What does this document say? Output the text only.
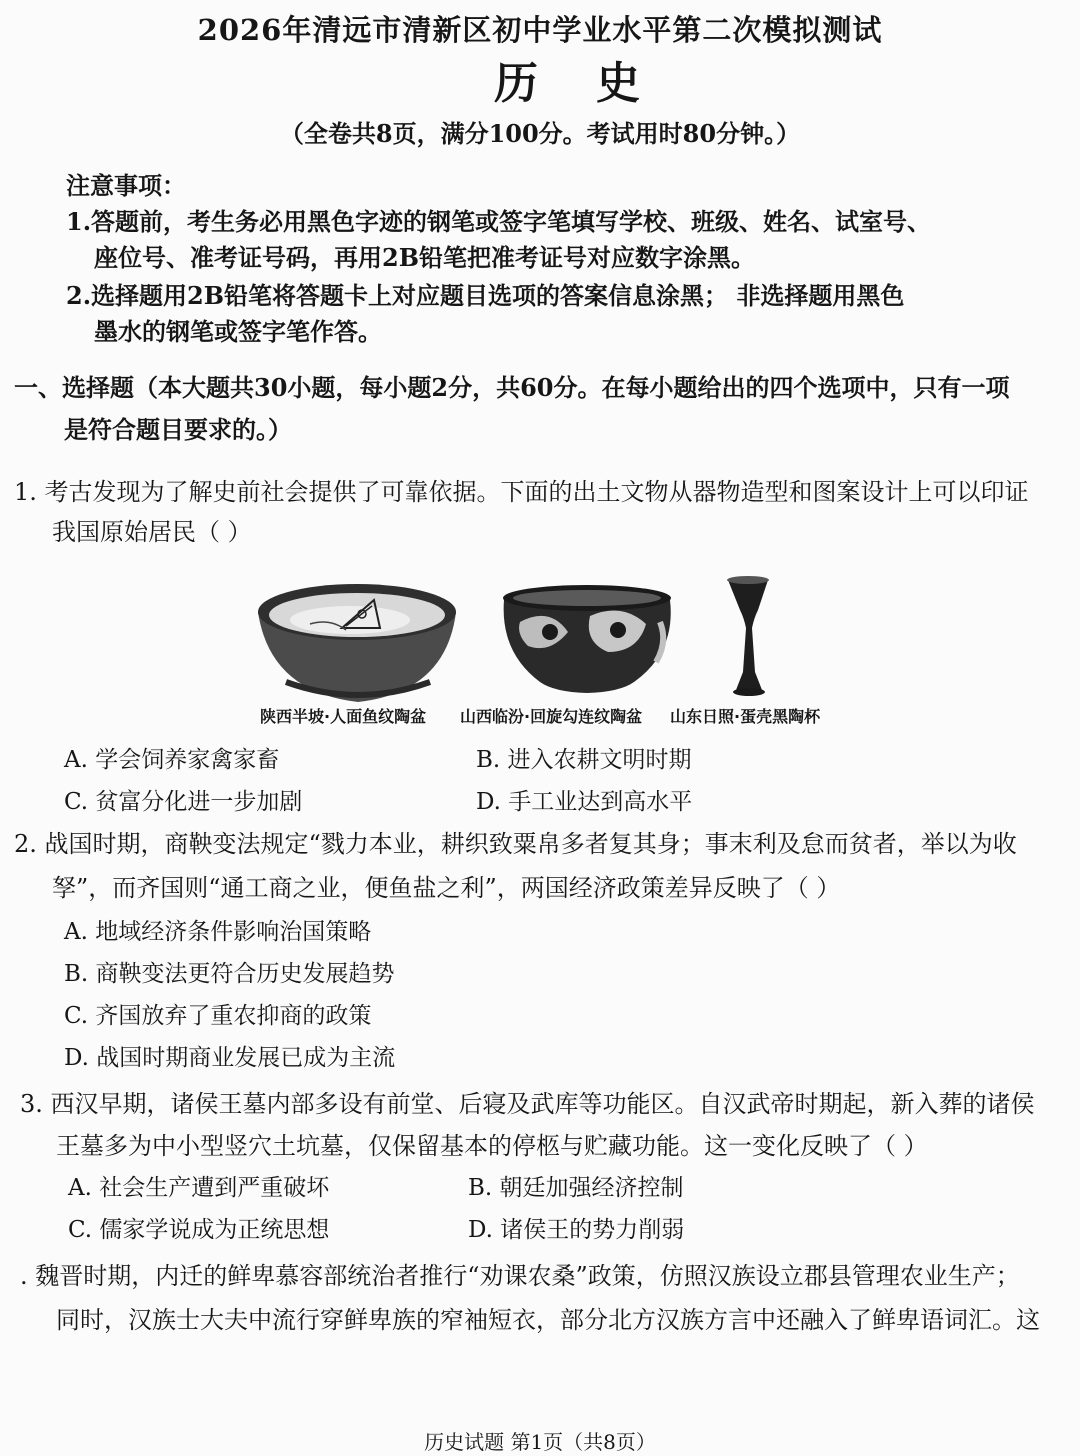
2026年清远市清新区初中学业水平第二次模拟测试
历史
（全卷共8页，满分100分。考试用时80分钟。）
注意事项：
1.答题前，考生务必用黑色字迹的钢笔或签字笔填写学校、班级、姓名、试室号、
座位号、准考证号码，再用2B铅笔把准考证号对应数字涂黑。
2.选择题用2B铅笔将答题卡上对应题目选项的答案信息涂黑； 非选择题用黑色
墨水的钢笔或签字笔作答。
一、选择题（本大题共30小题，每小题2分，共60分。在每小题给出的四个选项中，只有一项
是符合题目要求的。）
1. 考古发现为了解史前社会提供了可靠依据。下面的出土文物从器物造型和图案设计上可以印证
我国原始居民（ ）
陕西半坡·人面鱼纹陶盆 山西临汾·回旋勾连纹陶盆 山东日照·蛋壳黑陶杯
A. 学会饲养家禽家畜	B. 进入农耕文明时期
C. 贫富分化进一步加剧	D. 手工业达到高水平
2. 战国时期，商鞅变法规定“戮力本业，耕织致粟帛多者复其身；事末利及怠而贫者，举以为收
孥”，而齐国则“通工商之业，便鱼盐之利”，两国经济政策差异反映了（ ）
A. 地域经济条件影响治国策略
B. 商鞅变法更符合历史发展趋势
C. 齐国放弃了重农抑商的政策
D. 战国时期商业发展已成为主流
3. 西汉早期，诸侯王墓内部多设有前堂、后寝及武库等功能区。自汉武帝时期起，新入葬的诸侯
王墓多为中小型竖穴土坑墓，仅保留基本的停柩与贮藏功能。这一变化反映了（ ）
A. 社会生产遭到严重破坏	B. 朝廷加强经济控制
C. 儒家学说成为正统思想	D. 诸侯王的势力削弱
. 魏晋时期，内迁的鲜卑慕容部统治者推行“劝课农桑”政策，仿照汉族设立郡县管理农业生产；
同时，汉族士大夫中流行穿鲜卑族的窄袖短衣，部分北方汉族方言中还融入了鲜卑语词汇。这
历史试题 第1页（共8页）
